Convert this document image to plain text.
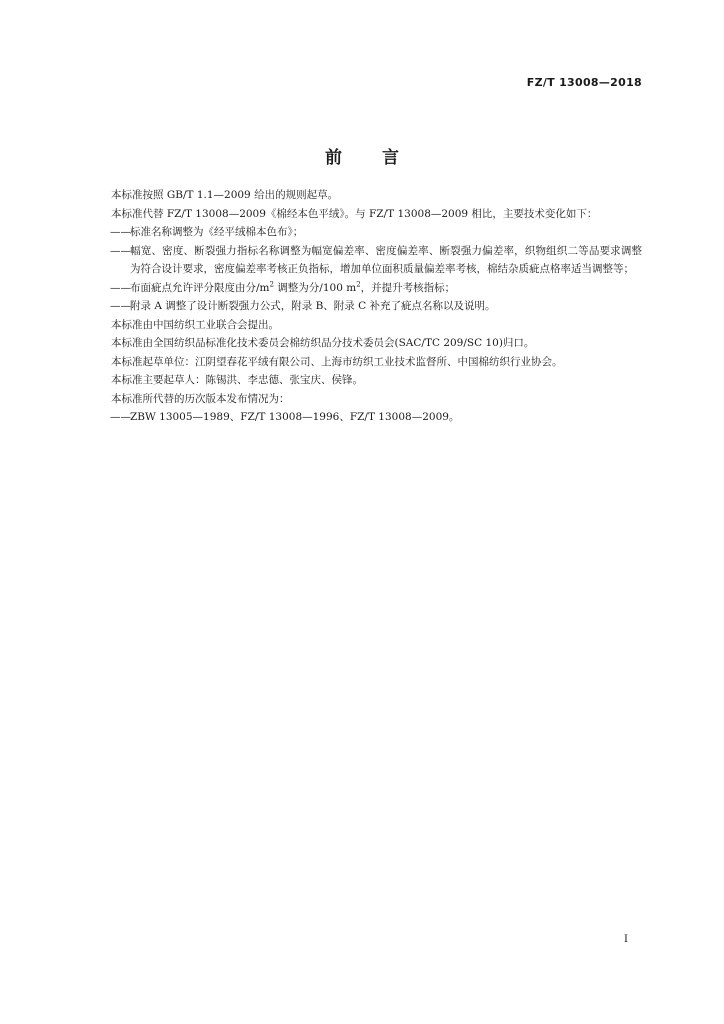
FZ/T 13008—2018
前言

本标准按照 GB/T 1.1—2009 给出的规则起草。

本标准代替 FZ/T 13008—2009《棉经本色平绒》。与 FZ/T 13008—2009 相比，主要技术变化如下：

——标准名称调整为《经平绒棉本色布》；

——幅宽、密度、断裂强力指标名称调整为幅宽偏差率、密度偏差率、断裂强力偏差率，织物组织二等品要求调整为符合设计要求，密度偏差率考核正负指标，增加单位面积质量偏差率考核，棉结杂质疵点格率适当调整等；

——布面疵点允许评分限度由分$/m^2$ 调整为分/100 $m^2$，并提升考核指标；

——附录 A 调整了设计断裂强力公式，附录 B、附录 C 补充了疵点名称以及说明。

本标准由中国纺织工业联合会提出。

本标准由全国纺织品标准化技术委员会棉纺织品分技术委员会(SAC/TC 209/SC 10)归口。

本标准起草单位：江阴望春花平绒有限公司、上海市纺织工业技术监督所、中国棉纺织行业协会。

本标准主要起草人：陈锡洪、李忠德、张宝庆、侯锋。

本标准所代替的历次版本发布情况为：

——ZBW 13005—1989、FZ/T 13008—1996、FZ/T 13008—2009。

I
